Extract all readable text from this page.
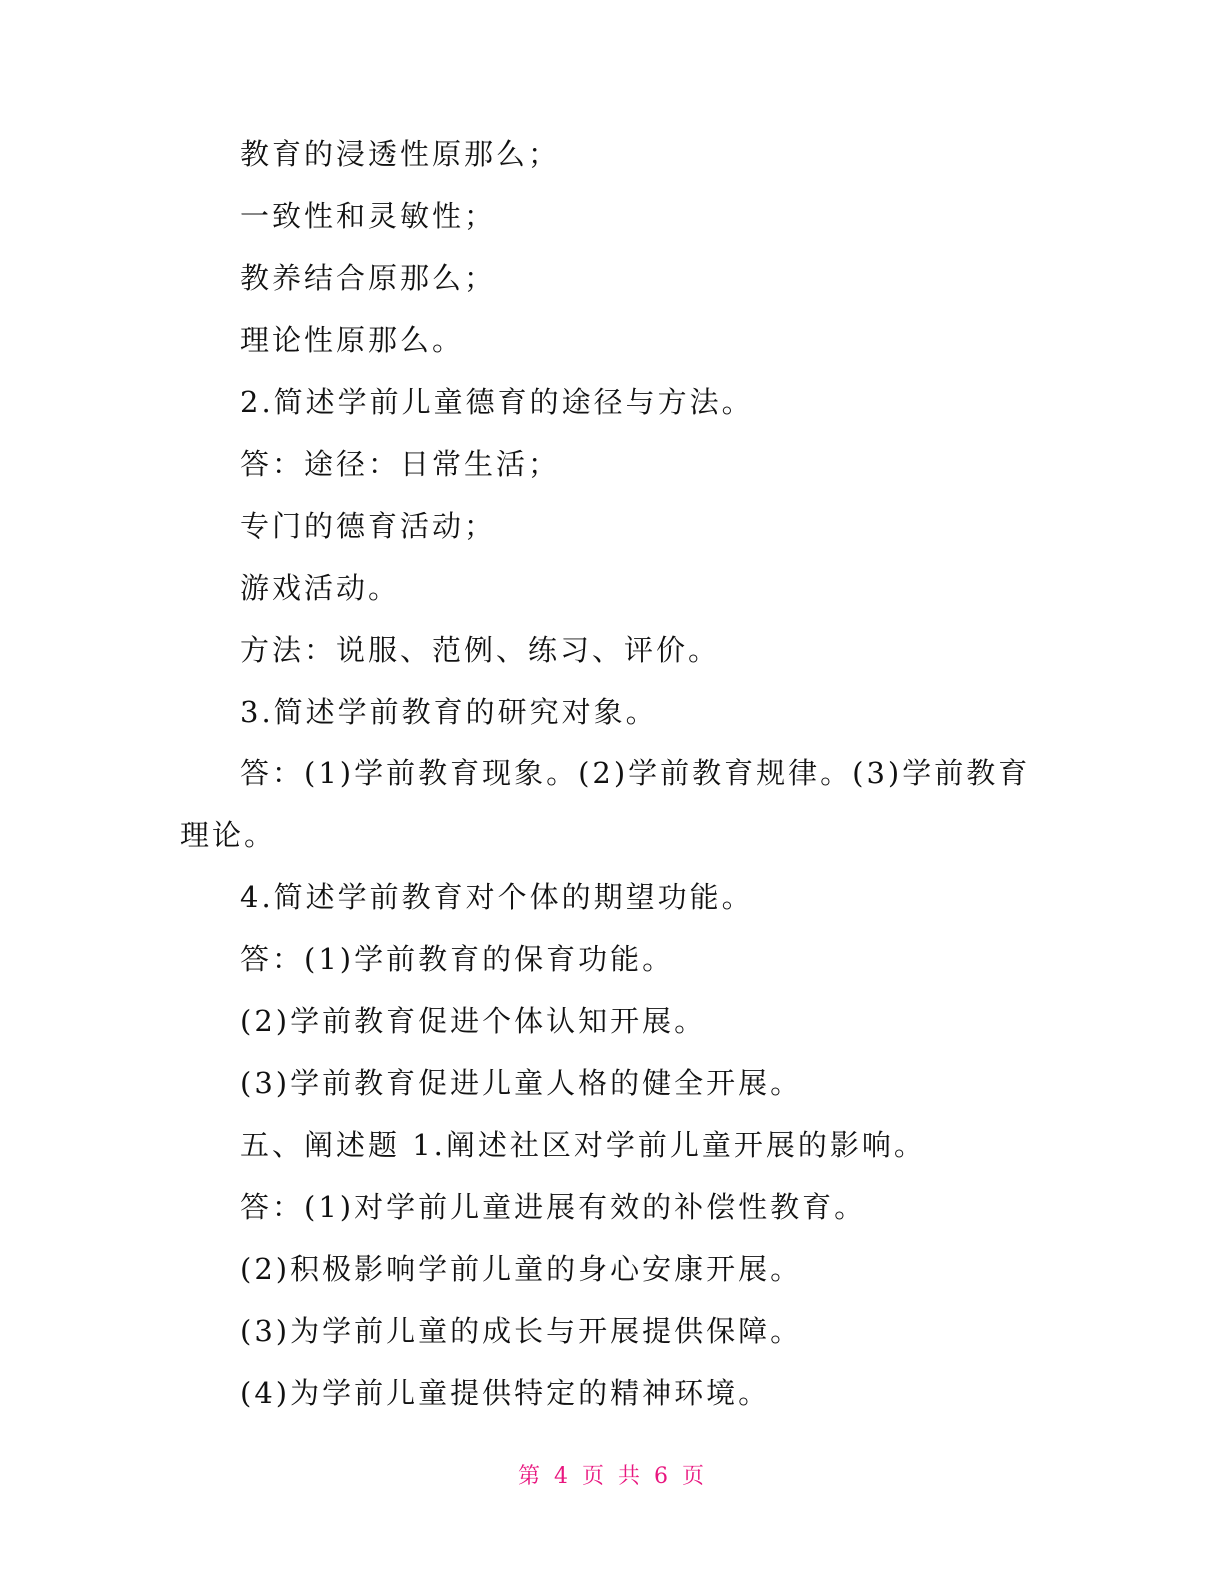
教育的浸透性原那么；
一致性和灵敏性；
教养结合原那么；
理论性原那么。
2.简述学前儿童德育的途径与方法。
答：途径：日常生活；
专门的德育活动；
游戏活动。
方法：说服、范例、练习、评价。
3.简述学前教育的研究对象。
答：(1)学前教育现象。(2)学前教育规律。(3)学前教育
理论。
4.简述学前教育对个体的期望功能。
答：(1)学前教育的保育功能。
(2)学前教育促进个体认知开展。
(3)学前教育促进儿童人格的健全开展。
五、阐述题 1.阐述社区对学前儿童开展的影响。
答：(1)对学前儿童进展有效的补偿性教育。
(2)积极影响学前儿童的身心安康开展。
(3)为学前儿童的成长与开展提供保障。
(4)为学前儿童提供特定的精神环境。
第 4 页 共 6 页
